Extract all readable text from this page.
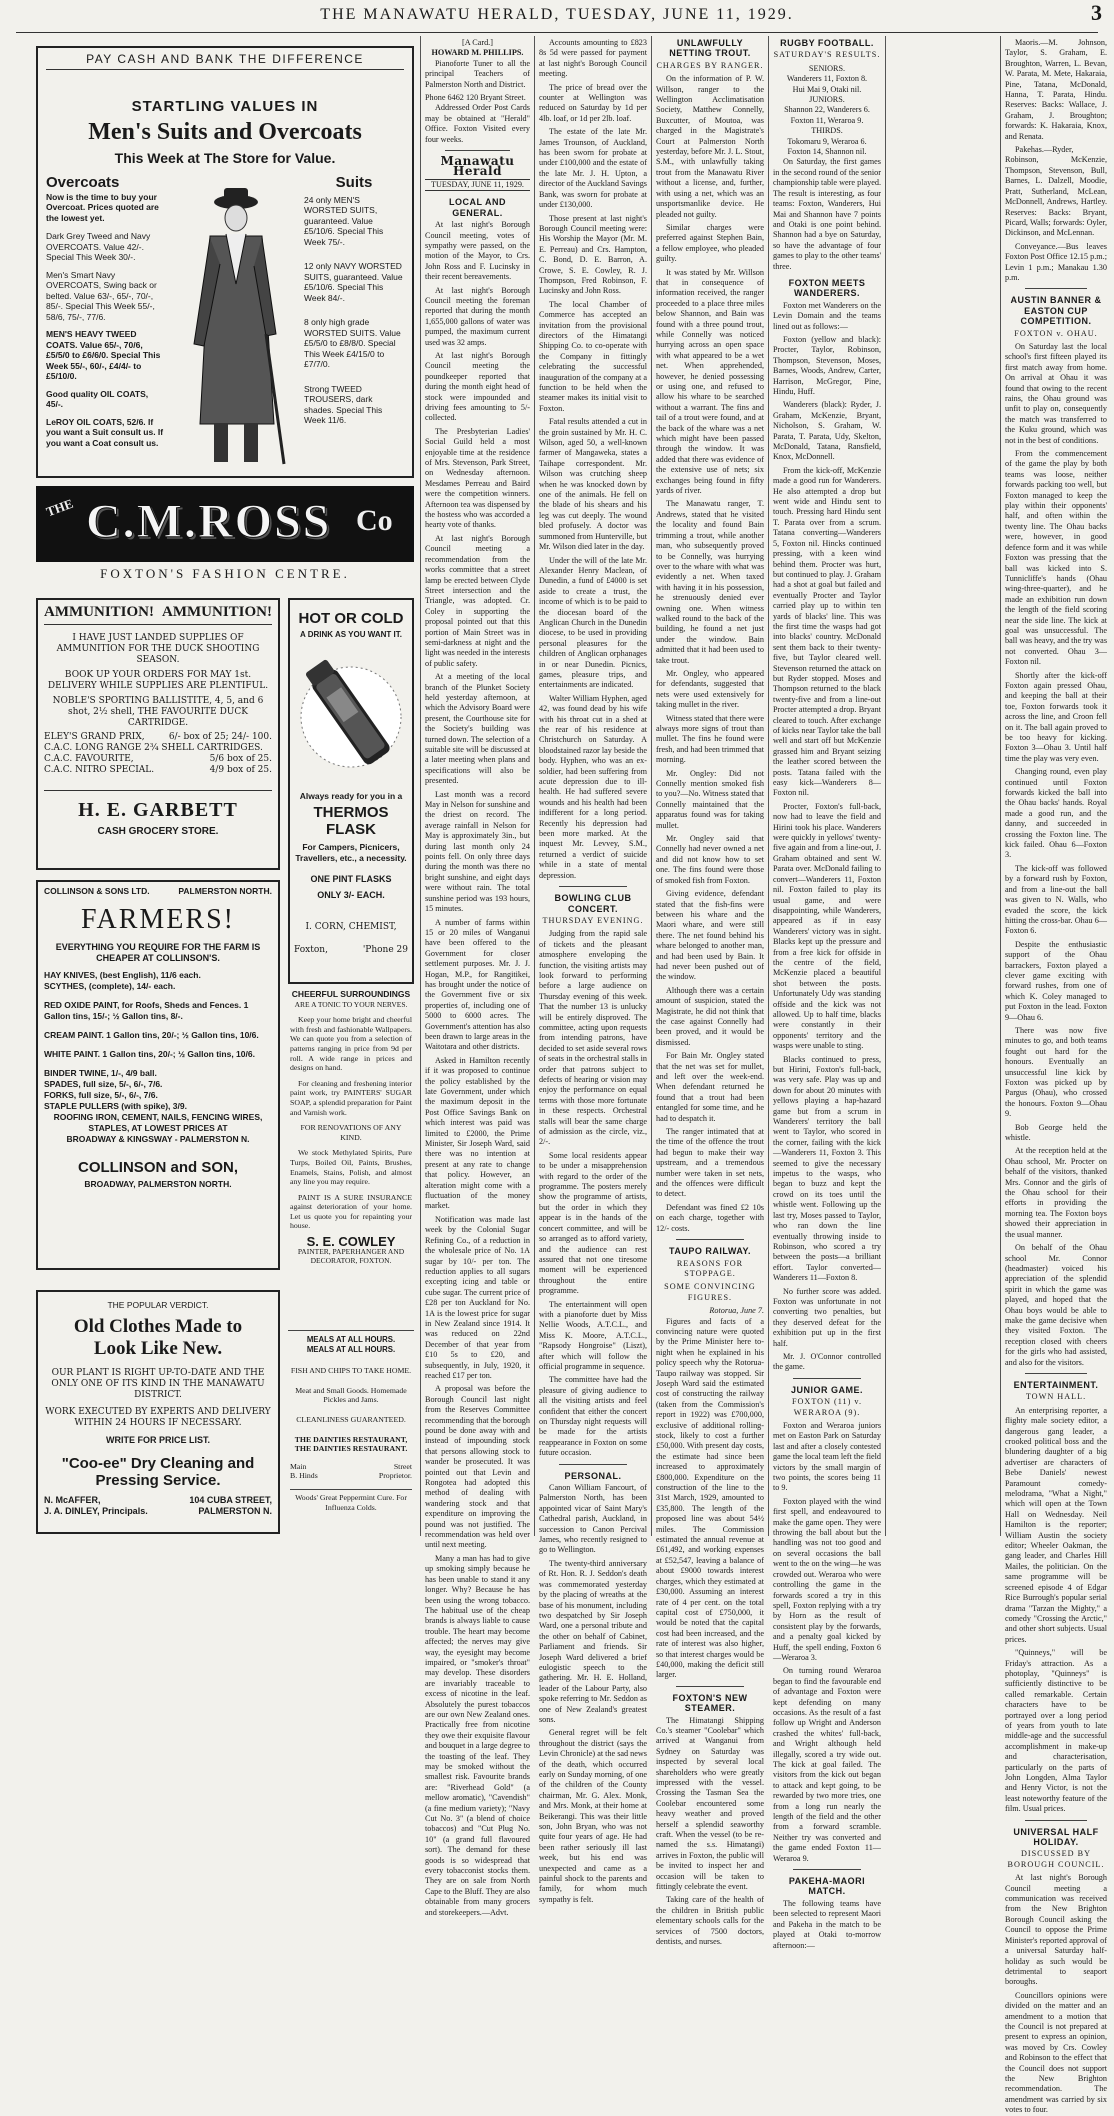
THE MANAWATU HERALD, TUESDAY, JUNE 11, 1929.	3
PAY CASH AND BANK THE DIFFERENCE
STARTLING VALUES IN
Men's Suits and Overcoats
This Week at The Store for Value.
Overcoats
Now is the time to buy your Overcoat. Prices quoted are the lowest yet.
Dark Grey Tweed and Navy OVERCOATS. Value 42/-. Special This Week 30/-.
Men's Smart Navy OVERCOATS, Swing back or belted. Value 63/-, 65/-, 70/-, 85/-. Special This Week 55/-, 58/6, 75/-, 77/6.
MEN'S HEAVY TWEED COATS. Value 65/-, 70/6, £5/5/0 to £6/6/0. Special This Week 55/-, 60/-, £4/4/- to £5/10/0.
Good quality OIL COATS, 45/-.
LeROY OIL COATS, 52/6. If you want a Suit consult us. If you want a Coat consult us.
Suits
24 only MEN'S WORSTED SUITS, guaranteed. Value £5/10/6. Special This Week 75/-.
12 only NAVY WORSTED SUITS, guaranteed. Value £5/10/6. Special This Week 84/-.
8 only high grade WORSTED SUITS. Value £5/5/0 to £8/8/0. Special This Week £4/15/0 to £7/7/0.
Strong TWEED TROUSERS, dark shades. Special This Week 11/6.
THE C.M.ROSS Co
FOXTON'S FASHION CENTRE.
AMMUNITION! AMMUNITION!
I HAVE JUST LANDED SUPPLIES OF AMMUNITION FOR THE DUCK SHOOTING SEASON.
BOOK UP YOUR ORDERS FOR MAY 1st. DELIVERY WHILE SUPPLIES ARE PLENTIFUL.
NOBLE'S SPORTING BALLISTITE, 4, 5, and 6 shot, 2½ shell, THE FAVOURITE DUCK CARTRIDGE.
ELEY'S GRAND PRIX,	6/- box of 25; 24/- 100.
C.A.C. LONG RANGE 2¾ SHELL CARTRIDGES.
C.A.C. FAVOURITE,	5/6 box of 25.
C.A.C. NITRO SPECIAL.	4/9 box of 25.
H. E. GARBETT
CASH GROCERY STORE.
HOT OR COLD
A DRINK AS YOU WANT IT.
Always ready for you in a
THERMOS FLASK
For Campers, Picnicers, Travellers, etc., a necessity.
ONE PINT FLASKS
ONLY 3/- EACH.
I. CORN, CHEMIST,
Foxton,	'Phone 29
COLLINSON & SONS LTD.	PALMERSTON NORTH.
FARMERS!
EVERYTHING YOU REQUIRE FOR THE FARM IS CHEAPER AT COLLINSON'S.
HAY KNIVES, (best English), 11/6 each.
SCYTHES, (complete), 14/- each.
RED OXIDE PAINT, for Roofs, Sheds and Fences. 1 Gallon tins, 15/-; ½ Gallon tins, 8/-.
CREAM PAINT. 1 Gallon tins, 20/-; ½ Gallon tins, 10/6.
WHITE PAINT. 1 Gallon tins, 20/-; ½ Gallon tins, 10/6.
BINDER TWINE, 1/-, 4/9 ball.
SPADES, full size, 5/-, 6/-, 7/6.
FORKS, full size, 5/-, 6/-, 7/6.
STAPLE PULLERS (with spike), 3/9.
ROOFING IRON, CEMENT, NAILS, FENCING WIRES, STAPLES, AT LOWEST PRICES AT
BROADWAY & KINGSWAY - PALMERSTON N.
COLLINSON and SON,
BROADWAY, PALMERSTON NORTH.
CHEERFUL SURROUNDINGS
ARE A TONIC TO YOUR NERVES.
Keep your home bright and cheerful with fresh and fashionable Wallpapers. We can quote you from a selection of patterns ranging in price from 9d per roll. A wide range in prices and designs on hand.
For cleaning and freshening interior paint work, try PAINTERS' SUGAR SOAP, a splendid preparation for Paint and Varnish work.
FOR RENOVATIONS OF ANY KIND.
We stock Methylated Spirits, Pure Turps, Boiled Oil, Paints, Brushes, Enamels, Stains, Polish, and almost any line you may require.
PAINT IS A SURE INSURANCE against deterioration of your home. Let us quote you for repainting your house.
S. E. COWLEY
PAINTER, PAPERHANGER AND DECORATOR, FOXTON.
MEALS AT ALL HOURS.
MEALS AT ALL HOURS.
FISH AND CHIPS TO TAKE HOME.
Meat and Small Goods. Homemade Pickles and Jams.
CLEANLINESS GUARANTEED.
THE DAINTIES RESTAURANT,
THE DAINTIES RESTAURANT.
Main	Street
B. Hinds	Proprietor.
Woods' Great Peppermint Cure. For Influenza Colds.
THE POPULAR VERDICT.
Old Clothes Made to
Look Like New.
OUR PLANT IS RIGHT UP-TO-DATE AND THE ONLY ONE OF ITS KIND IN THE MANAWATU DISTRICT.
WORK EXECUTED BY EXPERTS AND DELIVERY WITHIN 24 HOURS IF NECESSARY.
WRITE FOR PRICE LIST.
"Coo-ee" Dry Cleaning and
Pressing Service.
N. McAFFER,	104 CUBA STREET,
J. A. DINLEY, Principals.	PALMERSTON N.
[A Card.]
HOWARD M. PHILLIPS.

Pianoforte Tuner to all the principal Teachers of Palmerston North and District.

Phone 6462 120 Bryant Street.

Addressed Order Post Cards may be obtained at "Herald" Office. Foxton Visited every four weeks.

Manawatu Herald
TUESDAY, JUNE 11, 1929.
LOCAL AND GENERAL.

At last night's Borough Council meeting, votes of sympathy were passed, on the motion of the Mayor, to Crs. John Ross and F. Lucinsky in their recent bereavements.

At last night's Borough Council meeting the foreman reported that during the month 1,655,000 gallons of water was pumped, the maximum current used was 32 amps.

At last night's Borough Council meeting the poundkeeper reported that during the month eight head of stock were impounded and driving fees amounting to 5/- collected.

The Presbyterian Ladies' Social Guild held a most enjoyable time at the residence of Mrs. Stevenson, Park Street, on Wednesday afternoon. Mesdames Perreau and Baird were the competition winners. Afternoon tea was dispensed by the hostess who was accorded a hearty vote of thanks.

At last night's Borough Council meeting a recommendation from the works committee that a street lamp be erected between Clyde Street intersection and the Triangle, was adopted. Cr. Coley in supporting the proposal pointed out that this portion of Main Street was in semi-darkness at night and the light was needed in the interests of public safety.

At a meeting of the local branch of the Plunket Society held yesterday afternoon, at which the Advisory Board were present, the Courthouse site for the Society's building was turned down. The selection of a suitable site will be discussed at a later meeting when plans and specifications will also be presented.

Last month was a record May in Nelson for sunshine and the driest on record. The average rainfall in Nelson for May is approximately 3in., but during last month only 24 points fell. On only three days during the month was there no bright sunshine, and eight days were without rain. The total sunshine period was 193 hours, 15 minutes.

A number of farms within 15 or 20 miles of Wanganui have been offered to the Government for closer settlement purposes. Mr. J. J. Hogan, M.P., for Rangitikei, has brought under the notice of the Government five or six properties of, including one of 5000 to 6000 acres. The Government's attention has also been drawn to large areas in the Waitotara and other districts.

Asked in Hamilton recently if it was proposed to continue the policy established by the late Government, under which the maximum deposit in the Post Office Savings Bank on which interest was paid was limited to £2000, the Prime Minister, Sir Joseph Ward, said there was no intention at present at any rate to change that policy. However, an alteration might come with a fluctuation of the money market.

Notification was made last week by the Colonial Sugar Refining Co., of a reduction in the wholesale price of No. 1A sugar by 10/- per ton. The reduction applies to all sugars excepting icing and table or cube sugar. The current price of £28 per ton Auckland for No. 1A is the lowest price for sugar in New Zealand since 1914. It was reduced on 22nd December of that year from £10 5s to £20, and subsequently, in July, 1920, it reached £17 per ton.

A proposal was before the Borough Council last night from the Reserves Committee recommending that the borough pound be done away with and instead of impounding stock that persons allowing stock to wander be prosecuted. It was pointed out that Levin and Rongotea had adopted this method of dealing with wandering stock and that expenditure on improving the pound was not justified. The recommendation was held over until next meeting.

Many a man has had to give up smoking simply because he has been unable to stand it any longer. Why? Because he has been using the wrong tobacco. The habitual use of the cheap brands is always liable to cause trouble. The heart may become affected; the nerves may give way, the eyesight may become impaired, or "smoker's throat" may develop. These disorders are invariably traceable to excess of nicotine in the leaf. Absolutely the purest tobaccos are our own New Zealand ones. Practically free from nicotine they owe their exquisite flavour and bouquet in a large degree to the toasting of the leaf. They may be smoked without the smallest risk. Favourite brands are: "Riverhead Gold" (a mellow aromatic), "Cavendish" (a fine medium variety); "Navy Cut No. 3" (a blend of choice tobaccos) and "Cut Plug No. 10" (a grand full flavoured sort). The demand for these goods is so widespread that every tobacconist stocks them. They are on sale from North Cape to the Bluff. They are also obtainable from many grocers and storekeepers.—Advt.

Accounts amounting to £823 8s 5d were passed for payment at last night's Borough Council meeting.

The price of bread over the counter at Wellington was reduced on Saturday by 1d per 4lb. loaf, or 1d per 2lb. loaf.

The estate of the late Mr. James Trounson, of Auckland, has been sworn for probate at under £100,000 and the estate of the late Mr. J. H. Upton, a director of the Auckland Savings Bank, was sworn for probate at under £130,000.

Those present at last night's Borough Council meeting were: His Worship the Mayor (Mr. M. E. Perreau) and Crs. Hampton, C. Bond, D. E. Barron, A. Crowe, S. E. Cowley, R. J. Thompson, Fred Robinson, F. Lucinsky and John Ross.

The local Chamber of Commerce has accepted an invitation from the provisional directors of the Himatangi Shipping Co. to co-operate with the Company in fittingly celebrating the successful inauguration of the company at a function to be held when the steamer makes its initial visit to Foxton.

Fatal results attended a cut in the groin sustained by Mr. H. C. Wilson, aged 50, a well-known farmer of Mangaweka, states a Taihape correspondent. Mr. Wilson was crutching sheep when he was knocked down by one of the animals. He fell on the blade of his shears and his leg was cut deeply. The wound bled profusely. A doctor was summoned from Hunterville, but Mr. Wilson died later in the day.

Under the will of the late Mr. Alexander Henry Maclean, of Dunedin, a fund of £4000 is set aside to create a trust, the income of which is to be paid to the diocesan board of the Anglican Church in the Dunedin diocese, to be used in providing personal pleasures for the children of Anglican orphanages in or near Dunedin. Picnics, games, pleasure trips, and entertainments are indicated.

Walter William Hyphen, aged 42, was found dead by his wife with his throat cut in a shed at the rear of his residence at Christchurch on Saturday. A bloodstained razor lay beside the body. Hyphen, who was an ex-soldier, had been suffering from acute depression due to ill-health. He had suffered severe wounds and his health had been indifferent for a long period. Recently his depression had been more marked. At the inquest Mr. Levvey, S.M., returned a verdict of suicide while in a state of mental depression.

BOWLING CLUB CONCERT.
THURSDAY EVENING.

Judging from the rapid sale of tickets and the pleasant atmosphere enveloping the function, the visiting artists may look forward to performing before a large audience on Thursday evening of this week. That the number 13 is unlucky will be entirely disproved. The committee, acting upon requests from intending patrons, have decided to set aside several rows of seats in the orchestral stalls in order that patrons subject to defects of hearing or vision may enjoy the performance on equal terms with those more fortunate in these respects. Orchestral stalls will bear the same charge of admission as the circle, viz., 2/-.

Some local residents appear to be under a misapprehension with regard to the order of the programme. The posters merely show the programme of artists, but the order in which they appear is in the hands of the concert committee, and will be so arranged as to afford variety, and the audience can rest assured that not one tiresome moment will be experienced throughout the entire programme.

The entertainment will open with a pianoforte duet by Miss Nellie Woods, A.T.C.L., and Miss K. Moore, A.T.C.L., "Rapsody Hongroise" (Liszt), after which will follow the official programme in sequence.

The committee have had the pleasure of giving audience to all the visiting artists and feel confident that either the concert on Thursday night requests will be made for the artists reappearance in Foxton on some future occasion.

PERSONAL.

Canon William Fancourt, of Palmerston North, has been appointed vicar of Saint Mary's Cathedral parish, Auckland, in succession to Canon Percival James, who recently resigned to go to Wellington.

The twenty-third anniversary of Rt. Hon. R. J. Seddon's death was commemorated yesterday by the placing of wreaths at the base of his monument, including two despatched by Sir Joseph Ward, one a personal tribute and the other on behalf of Cabinet, Parliament and friends. Sir Joseph Ward delivered a brief eulogistic speech to the gathering. Mr. H. E. Holland, leader of the Labour Party, also spoke referring to Mr. Seddon as one of New Zealand's greatest sons.

General regret will be felt throughout the district (says the Levin Chronicle) at the sad news of the death, which occurred early on Sunday morning, of one of the children of the County chairman, Mr. G. Alex. Monk, and Mrs. Monk, at their home at Beikerangi. This was their little son, John Bryan, who was not quite four years of age. He had been rather seriously ill last week, but his end was unexpected and came as a painful shock to the parents and family, for whom much sympathy is felt.

UNLAWFULLY NETTING TROUT.
CHARGES BY RANGER.

On the information of P. W. Willson, ranger to the Wellington Acclimatisation Society, Matthew Connelly, Buxcutter, of Moutoa, was charged in the Magistrate's Court at Palmerston North yesterday, before Mr. J. L. Stout, S.M., with unlawfully taking trout from the Manawatu River without a license, and, further, with using a net, which was an unsportsmanlike device. He pleaded not guilty.

Similar charges were preferred against Stephen Bain, a fellow employee, who pleaded guilty.

It was stated by Mr. Willson that in consequence of information received, the ranger proceeded to a place three miles below Shannon, and Bain was found with a three pound trout, while Connelly was noticed hurrying across an open space with what appeared to be a wet net. When apprehended, however, he denied possessing or using one, and refused to allow his whare to be searched without a warrant. The fins and tail of a trout were found, and at the back of the whare was a net which might have been passed through the window. It was added that there was evidence of the extensive use of nets; six exchanges being found in fifty yards of river.

The Manawatu ranger, T. Andrews, stated that he visited the locality and found Bain trimming a trout, while another man, who subsequently proved to be Connelly, was hurrying over to the whare with what was evidently a net. When taxed with having it in his possession, he strenuously denied ever owning one. When witness walked round to the back of the building, he found a net just under the window. Bain admitted that it had been used to take trout.

Mr. Ongley, who appeared for defendants, suggested that nets were used extensively for taking mullet in the river.

Witness stated that there were always more signs of trout than mullet. The fins he found were fresh, and had been trimmed that morning.

Mr. Ongley: Did not Connelly mention smoked fish to you?—No. Witness stated that Connelly maintained that the apparatus found was for taking mullet.

Mr. Ongley said that Connelly had never owned a net and did not know how to set one. The fins found were those of smoked fish from Foxton.

Giving evidence, defendant stated that the fish-fins were between his whare and the Maori whare, and were still there. The net found behind his whare belonged to another man, and had been used by Bain. It had never been pushed out of the window.

Although there was a certain amount of suspicion, stated the Magistrate, he did not think that the case against Connelly had been proved, and it would be dismissed.

For Bain Mr. Ongley stated that the net was set for mullet, and left over the week-end. When defendant returned he found that a trout had been entangled for some time, and he had to despatch it.

The ranger intimated that at the time of the offence the trout had begun to make their way upstream, and a tremendous number were taken in set nets, and the offences were difficult to detect.

Defendant was fined £2 10s on each charge, together with 12/- costs.

TAUPO RAILWAY.
REASONS FOR STOPPAGE.
SOME CONVINCING FIGURES.
Rotorua, June 7.

Figures and facts of a convincing nature were quoted by the Prime Minister here to-night when he explained in his policy speech why the Rotorua-Taupo railway was stopped. Sir Joseph Ward said the estimated cost of constructing the railway (taken from the Commission's report in 1922) was £700,000, exclusive of additional rolling-stock, likely to cost a further £50,000. With present day costs, the estimate had since been increased to approximately £800,000. Expenditure on the construction of the line to the 31st March, 1929, amounted to £35,800. The length of the proposed line was about 54½ miles. The Commission estimated the annual revenue at £61,492, and working expenses at £52,547, leaving a balance of about £9000 towards interest charges, which they estimated at £30,000. Assuming an interest rate of 4 per cent. on the total capital cost of £750,000, it would be noted that the capital cost had been increased, and the rate of interest was also higher, so that interest charges would be £40,000, making the deficit still larger.

FOXTON'S NEW STEAMER.

The Himatangi Shipping Co.'s steamer "Coolebar" which arrived at Wanganui from Sydney on Saturday was inspected by several local shareholders who were greatly impressed with the vessel. Crossing the Tasman Sea the Coolebar encountered some heavy weather and proved herself a splendid seaworthy craft. When the vessel (to be re-named the s.s. Himatangi) arrives in Foxton, the public will be invited to inspect her and occasion will be taken to fittingly celebrate the event.

Taking care of the health of the children in British public elementary schools calls for the services of 7500 doctors, dentists, and nurses.

RUGBY FOOTBALL.
SATURDAY'S RESULTS.
SENIORS.
Wanderers 11, Foxton 8.
Hui Mai 9, Otaki nil.
JUNIORS.
Shannon 22, Wanderers 6.
Foxton 11, Weraroa 9.
THIRDS.
Tokomaru 9, Weraroa 6.
Foxton 14, Shannon nil.

On Saturday, the first games in the second round of the senior championship table were played. The result is interesting, as four teams: Foxton, Wanderers, Hui Mai and Shannon have 7 points and Otaki is one point behind. Shannon had a bye on Saturday, so have the advantage of four games to play to the other teams' three.

FOXTON MEETS WANDERERS.

Foxton met Wanderers on the Levin Domain and the teams lined out as follows:—

Foxton (yellow and black): Procter, Taylor, Robinson, Thompson, Stevenson, Moses, Barnes, Woods, Andrew, Carter, Harrison, McGregor, Pine, Hindu, Huff.

Wanderers (black): Ryder, J. Graham, McKenzie, Bryant, Nicholson, S. Graham, W. Parata, T. Parata, Udy, Skelton, McDonald, Tatana, Ransfield, Knox, McDonnell.

From the kick-off, McKenzie made a good run for Wanderers. He also attempted a drop but went wide and Hindu sent to touch. Pressing hard Hindu sent T. Parata over from a scrum. Tatana converting—Wanderers 5, Foxton nil. Hincks continued pressing, with a keen wind behind them. Procter was hurt, but continued to play. J. Graham had a shot at goal but failed and eventually Procter and Taylor carried play up to within ten yards of blacks' line. This was the first time the wasps had got into blacks' country. McDonald sent them back to their twenty-five, but Taylor cleared well. Stevenson returned the attack on but Ryder stopped. Moses and Thompson returned to the black twenty-five and from a line-out Procter attempted a drop. Bryant cleared to touch. After exchange of kicks near Taylor take the ball well and start off but McKenzie grassed him and Bryant seizing the leather scored between the posts. Tatana failed with the easy kick—Wanderers 8—Foxton nil.

Procter, Foxton's full-back, now had to leave the field and Hirini took his place. Wanderers were quickly in yellows' twenty-five again and from a line-out, J. Graham obtained and sent W. Parata over. McDonald failing to convert—Wanderers 11, Foxton nil. Foxton failed to play its usual game, and were disappointing, while Wanderers, appeared as if in easy Wanderers' victory was in sight. Blacks kept up the pressure and from a free kick for offside in the centre of the field, McKenzie placed a beautiful shot between the posts. Unfortunately Udy was standing offside and the kick was not allowed. Up to half time, blacks were constantly in their opponents' territory and the wasps were unable to sting.

Blacks continued to press, but Hirini, Foxton's full-back, was very safe. Play was up and down for about 20 minutes with yellows playing a hap-hazard game but from a scrum in Wanderers' territory the ball went to Taylor, who scored in the corner, failing with the kick—Wanderers 11, Foxton 3. This seemed to give the necessary impetus to the wasps, who began to buzz and kept the crowd on its toes until the whistle went. Following up the last try, Moses passed to Taylor, who ran down the line eventually throwing inside to Robinson, who scored a try between the posts—a brilliant effort. Taylor converted—Wanderers 11—Foxton 8.

No further score was added. Foxton was unfortunate in not converting two penalties, but they deserved defeat for the exhibition put up in the first half.

Mr. J. O'Connor controlled the game.

JUNIOR GAME.
FOXTON (11) v. WERAROA (9).

Foxton and Weraroa juniors met on Easton Park on Saturday last and after a closely contested game the local team left the field victors by the small margin of two points, the scores being 11 to 9.

Foxton played with the wind first spell, and endeavoured to make the game open. They were throwing the ball about but the handling was not too good and on several occasions the ball went to the on the wing—he was crowded out. Weraroa who were controlling the game in the forwards scored a try in this spell, Foxton replying with a try by Horn as the result of consistent play by the forwards, and a penalty goal kicked by Huff, the spell ending, Foxton 6—Weraroa 3.

On turning round Weraroa began to find the favourable end of advantage and Foxton were kept defending on many occasions. As the result of a fast follow up Wright and Anderson crashed the whites' full-back, and Wright although held illegally, scored a try wide out. The kick at goal failed. The visitors from the kick out began to attack and kept going, to be rewarded by two more tries, one from a long run nearly the length of the field and the other from a forward scramble. Neither try was converted and the game ended Foxton 11—Weraroa 9.

PAKEHA-MAORI MATCH.

The following teams have been selected to represent Maori and Pakeha in the match to be played at Otaki to-morrow afternoon:—

Maoris.—M. Johnson, Taylor, S. Graham, E. Broughton, Warren, L. Bevan, W. Parata, M. Mete, Hakaraia, Pine, Tatana, McDonald, Hanna, T. Parata, Hindu. Reserves: Backs: Wallace, J. Graham, J. Broughton; forwards: K. Hakaraia, Knox, and Renata.

Pakehas.—Ryder, Robinson, McKenzie, Thompson, Stevenson, Bull, Barnes, L. Dalzell, Moodie, Pratt, Sutherland, McLean, McDonnell, Andrews, Hartley. Reserves: Backs: Bryant, Picard, Walls; forwards: Oyler, Dickinson, and McLennan.

Conveyance.—Bus leaves Foxton Post Office 12.15 p.m.; Levin 1 p.m.; Manakau 1.30 p.m.

AUSTIN BANNER & EASTON CUP COMPETITION.
FOXTON v. OHAU.

On Saturday last the local school's first fifteen played its first match away from home. On arrival at Ohau it was found that owing to the recent rains, the Ohau ground was unfit to play on, consequently the match was transferred to the Kuku ground, which was not in the best of conditions.

From the commencement of the game the play by both teams was loose, neither forwards packing too well, but Foxton managed to keep the play within their opponents' half, and often within the twenty line. The Ohau backs were, however, in good defence form and it was while Foxton was pressing that the ball was kicked into S. Tunnicliffe's hands (Ohau wing-three-quarter), and he made an exhibition run down the length of the field scoring near the side line. The kick at goal was unsuccessful. The ball was heavy, and the try was not converted. Ohau 3—Foxton nil.

Shortly after the kick-off Foxton again pressed Ohau, and keeping the ball at their toe, Foxton forwards took it across the line, and Croon fell on it. The ball again proved to be too heavy for kicking. Foxton 3—Ohau 3. Until half time the play was very even.

Changing round, even play continued until Foxton forwards kicked the ball into the Ohau backs' hands. Royal made a good run, and the danny, and succeeded in crossing the Foxton line. The kick failed. Ohau 6—Foxton 3.

The kick-off was followed by a forward rush by Foxton, and from a line-out the ball was given to N. Walls, who evaded the score, the kick hitting the cross-bar. Ohau 6—Foxton 6.

Despite the enthusiastic support of the Ohau barrackers, Foxton played a clever game exciting with forward rushes, from one of which K. Coley managed to put Foxton in the lead. Foxton 9—Ohau 6.

There was now five minutes to go, and both teams fought out hard for the honours. Eventually an unsuccessful line kick by Foxton was picked up by Pargus (Ohau), who crossed the honours. Foxton 9—Ohau 9.

Bob George held the whistle.

At the reception held at the Ohau school, Mr. Procter on behalf of the visitors, thanked Mrs. Connor and the girls of the Ohau school for their efforts in providing the morning tea. The Foxton boys showed their appreciation in the usual manner.

On behalf of the Ohau school Mr. Connor (headmaster) voiced his appreciation of the splendid spirit in which the game was played, and hoped that the Ohau boys would be able to make the game decisive when they visited Foxton. The reception closed with cheers for the girls who had assisted, and also for the visitors.

ENTERTAINMENT.
TOWN HALL.

An enterprising reporter, a flighty male society editor, a dangerous gang leader, a crooked political boss and the blundering daughter of a big advertiser are characters of Bebe Daniels' newest Paramount comedy-melodrama, "What a Night," which will open at the Town Hall on Wednesday. Neil Hamilton is the reporter; William Austin the society editor; Wheeler Oakman, the gang leader, and Charles Hill Mailes, the politician. On the same programme will be screened episode 4 of Edgar Rice Burrough's popular serial drama "Tarzan the Mighty," a comedy "Crossing the Arctic," and other short subjects. Usual prices.

"Quinneys," will be Friday's attraction. As a photoplay, "Quinneys" is sufficiently distinctive to be called remarkable. Certain characters have to be portrayed over a long period of years from youth to late middle-age and the successful accomplishment in make-up and characterisation, particularly on the parts of John Longden, Alma Taylor and Henry Victor, is not the least noteworthy feature of the film. Usual prices.

UNIVERSAL HALF HOLIDAY.
DISCUSSED BY BOROUGH COUNCIL.

At last night's Borough Council meeting a communication was received from the New Brighton Borough Council asking the Council to oppose the Prime Minister's reported approval of a universal Saturday half-holiday as such would be detrimental to seaport boroughs.

Councillors opinions were divided on the matter and an amendment to a motion that the Council is not prepared at present to express an opinion, was moved by Crs. Cowley and Robinson to the effect that the Council does not support the New Brighton recommendation. The amendment was carried by six votes to four.
